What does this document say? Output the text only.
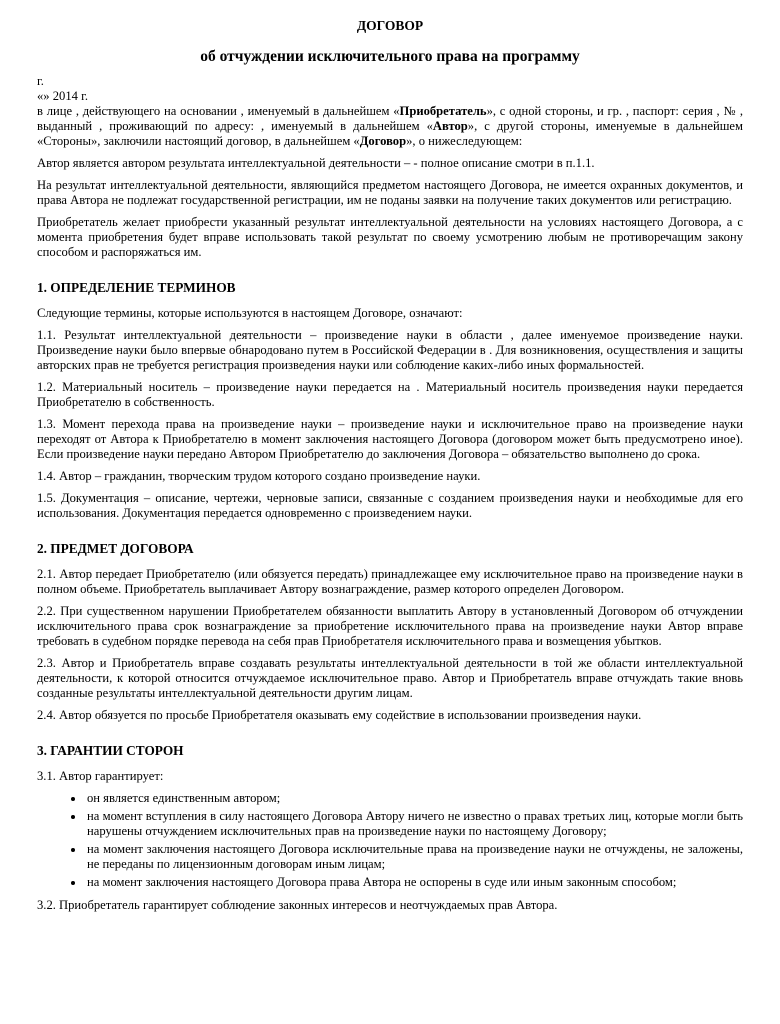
ДОГОВОР
об отчуждении исключительного права на программу

г.

«» 2014 г.

в лице , действующего на основании , именуемый в дальнейшем «Приобретатель», с одной стороны, и гр. , паспорт: серия , № , выданный , проживающий по адресу: , именуемый в дальнейшем «Автор», с другой стороны, именуемые в дальнейшем «Стороны», заключили настоящий договор, в дальнейшем «Договор», о нижеследующем:

Автор является автором результата интеллектуальной деятельности – - полное описание смотри в п.1.1.

На результат интеллектуальной деятельности, являющийся предметом настоящего Договора, не имеется охранных документов, и права Автора не подлежат государственной регистрации, им не поданы заявки на получение таких документов или регистрацию.

Приобретатель желает приобрести указанный результат интеллектуальной деятельности на условиях настоящего Договора, а с момента приобретения будет вправе использовать такой результат по своему усмотрению любым не противоречащим закону способом и распоряжаться им.

1. ОПРЕДЕЛЕНИЕ ТЕРМИНОВ

Следующие термины, которые используются в настоящем Договоре, означают:

1.1. Результат интеллектуальной деятельности – произведение науки в области , далее именуемое произведение науки. Произведение науки было впервые обнародовано путем в Российской Федерации в . Для возникновения, осуществления и защиты авторских прав не требуется регистрация произведения науки или соблюдение каких-либо иных формальностей.

1.2. Материальный носитель – произведение науки передается на . Материальный носитель произведения науки передается Приобретателю в собственность.

1.3. Момент перехода права на произведение науки – произведение науки и исключительное право на произведение науки переходят от Автора к Приобретателю в момент заключения настоящего Договора (договором может быть предусмотрено иное). Если произведение науки передано Автором Приобретателю до заключения Договора – обязательство выполнено до срока.

1.4. Автор – гражданин, творческим трудом которого создано произведение науки.

1.5. Документация – описание, чертежи, черновые записи, связанные с созданием произведения науки и необходимые для его использования. Документация передается одновременно с произведением науки.

2. ПРЕДМЕТ ДОГОВОРА

2.1. Автор передает Приобретателю (или обязуется передать) принадлежащее ему исключительное право на произведение науки в полном объеме. Приобретатель выплачивает Автору вознаграждение, размер которого определен Договором.

2.2. При существенном нарушении Приобретателем обязанности выплатить Автору в установленный Договором об отчуждении исключительного права срок вознаграждение за приобретение исключительного права на произведение науки Автор вправе требовать в судебном порядке перевода на себя прав Приобретателя исключительного права и возмещения убытков.

2.3. Автор и Приобретатель вправе создавать результаты интеллектуальной деятельности в той же области интеллектуальной деятельности, к которой относится отчуждаемое исключительное право. Автор и Приобретатель вправе отчуждать такие вновь созданные результаты интеллектуальной деятельности другим лицам.

2.4. Автор обязуется по просьбе Приобретателя оказывать ему содействие в использовании произведения науки.

3. ГАРАНТИИ СТОРОН

3.1. Автор гарантирует:

• он является единственным автором;
• на момент вступления в силу настоящего Договора Автору ничего не известно о правах третьих лиц, которые могли быть нарушены отчуждением исключительных прав на произведение науки по настоящему Договору;
• на момент заключения настоящего Договора исключительные права на произведение науки не отчуждены, не заложены, не переданы по лицензионным договорам иным лицам;
• на момент заключения настоящего Договора права Автора не оспорены в суде или иным законным способом;

3.2. Приобретатель гарантирует соблюдение законных интересов и неотчуждаемых прав Автора.
